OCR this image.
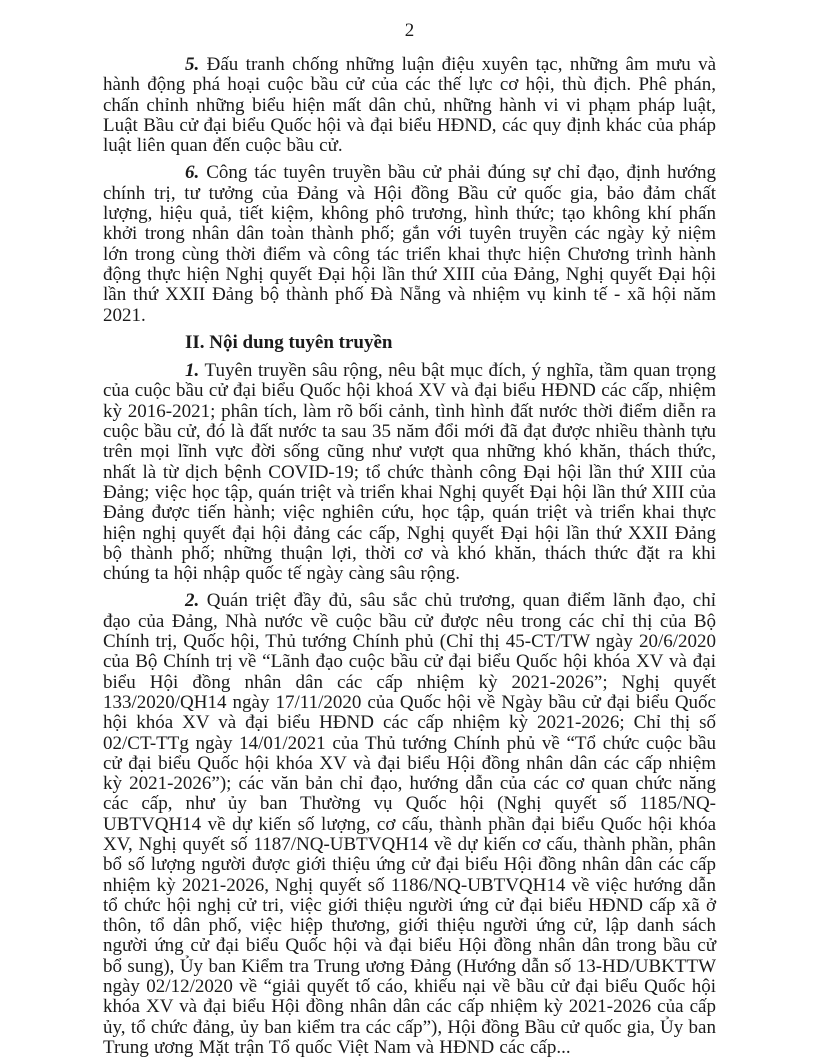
2

5. Đấu tranh chống những luận điệu xuyên tạc, những âm mưu và hành động phá hoại cuộc bầu cử của các thế lực cơ hội, thù địch. Phê phán, chấn chỉnh những biểu hiện mất dân chủ, những hành vi vi phạm pháp luật, Luật Bầu cử đại biểu Quốc hội và đại biểu HĐND, các quy định khác của pháp luật liên quan đến cuộc bầu cử.

6. Công tác tuyên truyền bầu cử phải đúng sự chỉ đạo, định hướng chính trị, tư tưởng của Đảng và Hội đồng Bầu cử quốc gia, bảo đảm chất lượng, hiệu quả, tiết kiệm, không phô trương, hình thức; tạo không khí phấn khởi trong nhân dân toàn thành phố; gắn với tuyên truyền các ngày kỷ niệm lớn trong cùng thời điểm và công tác triển khai thực hiện Chương trình hành động thực hiện Nghị quyết Đại hội lần thứ XIII của Đảng, Nghị quyết Đại hội lần thứ XXII Đảng bộ thành phố Đà Nẵng và nhiệm vụ kinh tế - xã hội năm 2021.

II. Nội dung tuyên truyền

1. Tuyên truyền sâu rộng, nêu bật mục đích, ý nghĩa, tầm quan trọng của cuộc bầu cử đại biểu Quốc hội khoá XV và đại biểu HĐND các cấp, nhiệm kỳ 2016-2021; phân tích, làm rõ bối cảnh, tình hình đất nước thời điểm diễn ra cuộc bầu cử, đó là đất nước ta sau 35 năm đổi mới đã đạt được nhiều thành tựu trên mọi lĩnh vực đời sống cũng như vượt qua những khó khăn, thách thức, nhất là từ dịch bệnh COVID-19; tổ chức thành công Đại hội lần thứ XIII của Đảng; việc học tập, quán triệt và triển khai Nghị quyết Đại hội lần thứ XIII của Đảng được tiến hành; việc nghiên cứu, học tập, quán triệt và triển khai thực hiện nghị quyết đại hội đảng các cấp, Nghị quyết Đại hội lần thứ XXII Đảng bộ thành phố; những thuận lợi, thời cơ và khó khăn, thách thức đặt ra khi chúng ta hội nhập quốc tế ngày càng sâu rộng.

2. Quán triệt đầy đủ, sâu sắc chủ trương, quan điểm lãnh đạo, chỉ đạo của Đảng, Nhà nước về cuộc bầu cử được nêu trong các chỉ thị của Bộ Chính trị, Quốc hội, Thủ tướng Chính phủ (Chỉ thị 45-CT/TW ngày 20/6/2020 của Bộ Chính trị về “Lãnh đạo cuộc bầu cử đại biểu Quốc hội khóa XV và đại biểu Hội đồng nhân dân các cấp nhiệm kỳ 2021-2026”; Nghị quyết 133/2020/QH14 ngày 17/11/2020 của Quốc hội về Ngày bầu cử đại biểu Quốc hội khóa XV và đại biểu HĐND các cấp nhiệm kỳ 2021-2026; Chỉ thị số 02/CT-TTg ngày 14/01/2021 của Thủ tướng Chính phủ về “Tổ chức cuộc bầu cử đại biểu Quốc hội khóa XV và đại biểu Hội đồng nhân dân các cấp nhiệm kỳ 2021-2026”); các văn bản chỉ đạo, hướng dẫn của các cơ quan chức năng các cấp, như ủy ban Thường vụ Quốc hội (Nghị quyết số 1185/NQ-UBTVQH14 về dự kiến số lượng, cơ cấu, thành phần đại biểu Quốc hội khóa XV, Nghị quyết số 1187/NQ-UBTVQH14 về dự kiến cơ cấu, thành phần, phân bổ số lượng người được giới thiệu ứng cử đại biểu Hội đồng nhân dân các cấp nhiệm kỳ 2021-2026, Nghị quyết số 1186/NQ-UBTVQH14 về việc hướng dẫn tổ chức hội nghị cử tri, việc giới thiệu người ứng cử đại biểu HĐND cấp xã ở thôn, tổ dân phố, việc hiệp thương, giới thiệu người ứng cử, lập danh sách người ứng cử đại biểu Quốc hội và đại biểu Hội đồng nhân dân trong bầu cử bổ sung), Ủy ban Kiểm tra Trung ương Đảng (Hướng dẫn số 13-HD/UBKTTW ngày 02/12/2020 về “giải quyết tố cáo, khiếu nại về bầu cử đại biểu Quốc hội khóa XV và đại biểu Hội đồng nhân dân các cấp nhiệm kỳ 2021-2026 của cấp ủy, tổ chức đảng, ủy ban kiểm tra các cấp”), Hội đồng Bầu cử quốc gia, Ủy ban Trung ương Mặt trận Tổ quốc Việt Nam và HĐND các cấp...
